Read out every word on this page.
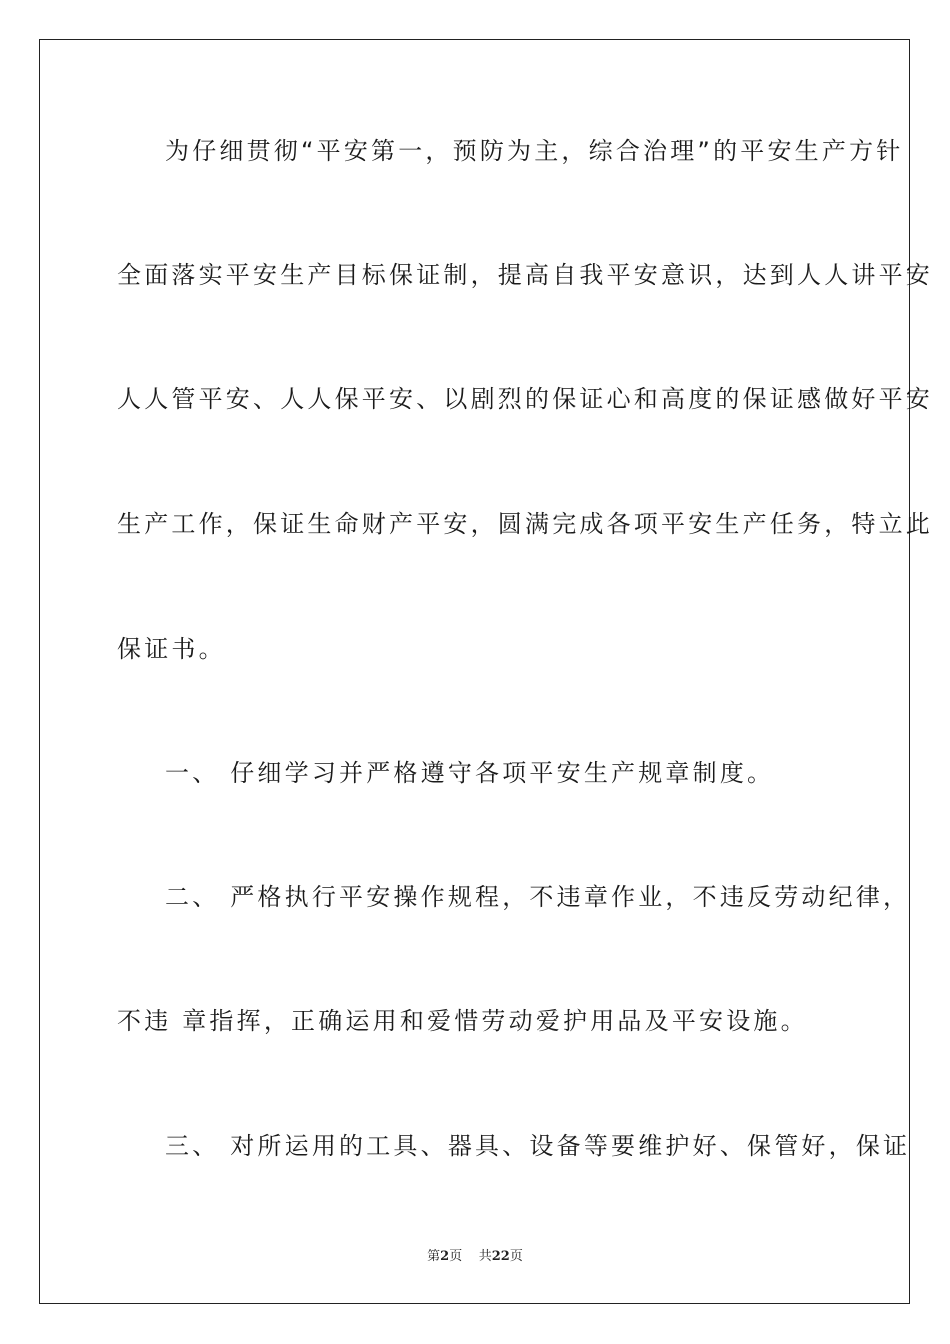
为仔细贯彻“平安第一，预防为主，综合治理”的平安生产方针
全面落实平安生产目标保证制，提高自我平安意识，达到人人讲平安
人人管平安、人人保平安、以剧烈的保证心和高度的保证感做好平安
生产工作，保证生命财产平安，圆满完成各项平安生产任务，特立此
保证书。
一、 仔细学习并严格遵守各项平安生产规章制度。
二、 严格执行平安操作规程，不违章作业，不违反劳动纪律，
不违 章指挥，正确运用和爱惜劳动爱护用品及平安设施。
三、 对所运用的工具、器具、设备等要维护好、保管好，保证
第2页 共22页
